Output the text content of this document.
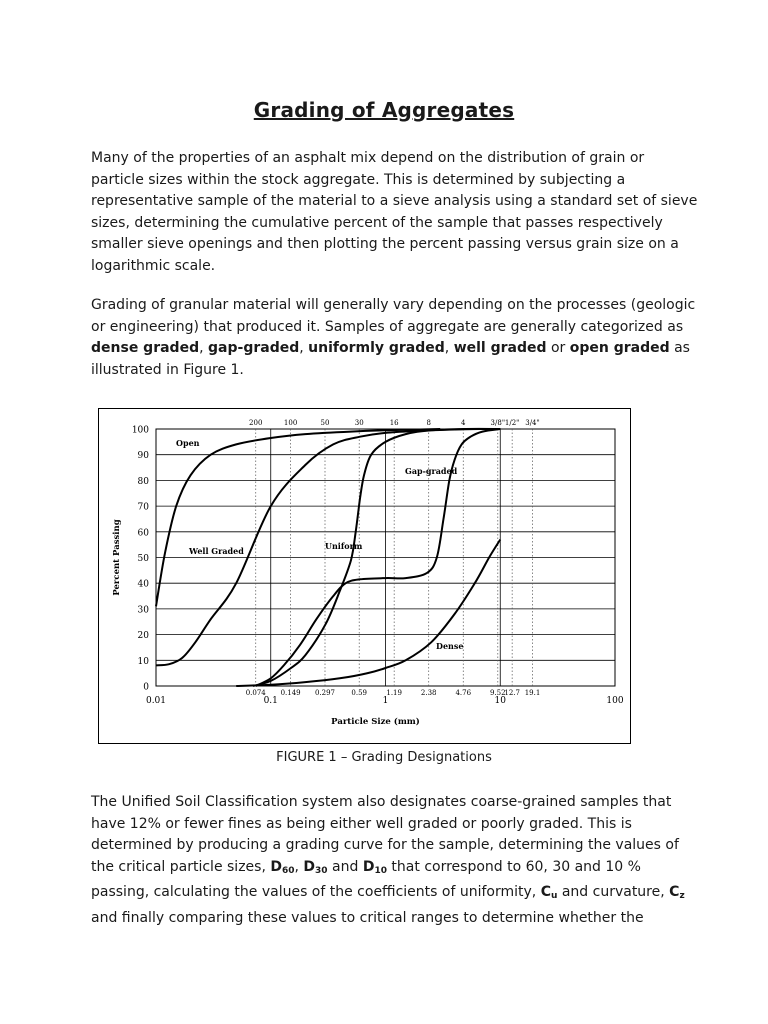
Grading of Aggregates

Many of the properties of an asphalt mix depend on the distribution of grain or particle sizes within the stock aggregate. This is determined by subjecting a representative sample of the material to a sieve analysis using a standard set of sieve sizes, determining the cumulative percent of the sample that passes respectively smaller sieve openings and then plotting the percent passing versus grain size on a logarithmic scale.

Grading of granular material will generally vary depending on the processes (geologic or engineering) that produced it. Samples of aggregate are generally categorized as dense graded, gap-graded, uniformly graded, well graded or open graded as illustrated in Figure 1.

0
10
20
30
40
50
60
70
80
90
100
0.01	0.1	1	10	100
0.074
200
0.149
100
0.297
50
0.59
30
1.19
16
2.38
8
4.76
4
9.52
3/8"
12.7
1/2"
19.1
3/4"
Particle Size (mm)
Percent Passing
Open
Well Graded	Uniform
Gap-graded
Dense

FIGURE 1 – Grading Designations

The Unified Soil Classification system also designates coarse-grained samples that have 12% or fewer fines as being either well graded or poorly graded. This is determined by producing a grading curve for the sample, determining the values of the critical particle sizes, $D_{60}$, $D_{30}$ and $D_{10}$ that correspond to 60, 30 and 10 % passing, calculating the values of the coefficients of uniformity, $C_u$ and curvature, $C_z$ and finally comparing these values to critical ranges to determine whether the
